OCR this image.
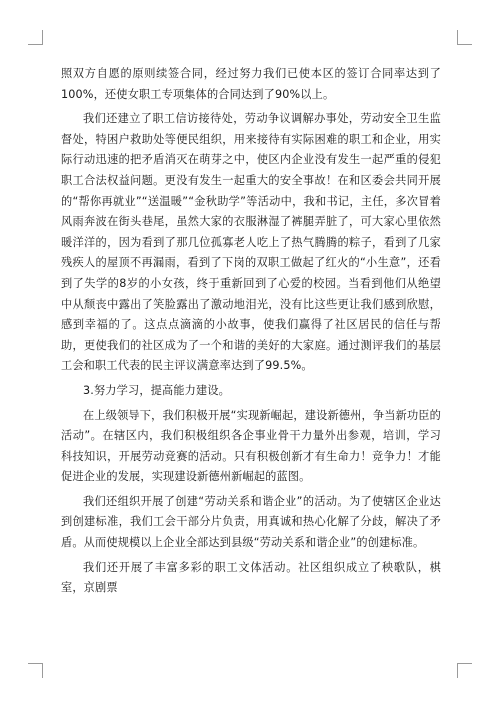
照双方自愿的原则续签合同，经过努力我们已使本区的签订合同率达到了100%，还使女职工专项集体的合同达到了90%以上。

我们还建立了职工信访接待处，劳动争议调解办事处，劳动安全卫生监督处，特困户救助处等便民组织，用来接待有实际困难的职工和企业，用实际行动迅速的把矛盾消灭在萌芽之中，使区内企业没有发生一起严重的侵犯职工合法权益问题。更没有发生一起重大的安全事故！在和区委会共同开展的“帮你再就业”“送温暖”“金秋助学”等活动中，我和书记，主任，多次冒着风雨奔波在街头巷尾，虽然大家的衣服淋湿了裤腿弄脏了，可大家心里依然暖洋洋的，因为看到了那几位孤寡老人吃上了热气腾腾的粽子，看到了几家残疾人的屋顶不再漏雨，看到了下岗的双职工做起了红火的“小生意”，还看到了失学的8岁的小女孩，终于重新回到了心爱的校园。当看到他们从绝望中从颓丧中露出了笑脸露出了激动地泪光，没有比这些更让我们感到欣慰，感到幸福的了。这点点滴滴的小故事，使我们赢得了社区居民的信任与帮助，更使我们的社区成为了一个和谐的美好的大家庭。通过测评我们的基层工会和职工代表的民主评议满意率达到了99.5%。

3.努力学习，提高能力建设。

在上级领导下，我们积极开展“实现新崛起，建设新德州，争当新功臣的活动”。在辖区内，我们积极组织各企事业骨干力量外出参观，培训，学习科技知识，开展劳动竞赛的活动。只有积极创新才有生命力！竞争力！才能促进企业的发展，实现建设新德州新崛起的蓝图。

我们还组织开展了创建“劳动关系和谐企业”的活动。为了使辖区企业达到创建标准，我们工会干部分片负责，用真诚和热心化解了分歧，解决了矛盾。从而使规模以上企业全部达到县级“劳动关系和谐企业”的创建标准。

我们还开展了丰富多彩的职工文体活动。社区组织成立了秧歌队，棋室，京剧票
